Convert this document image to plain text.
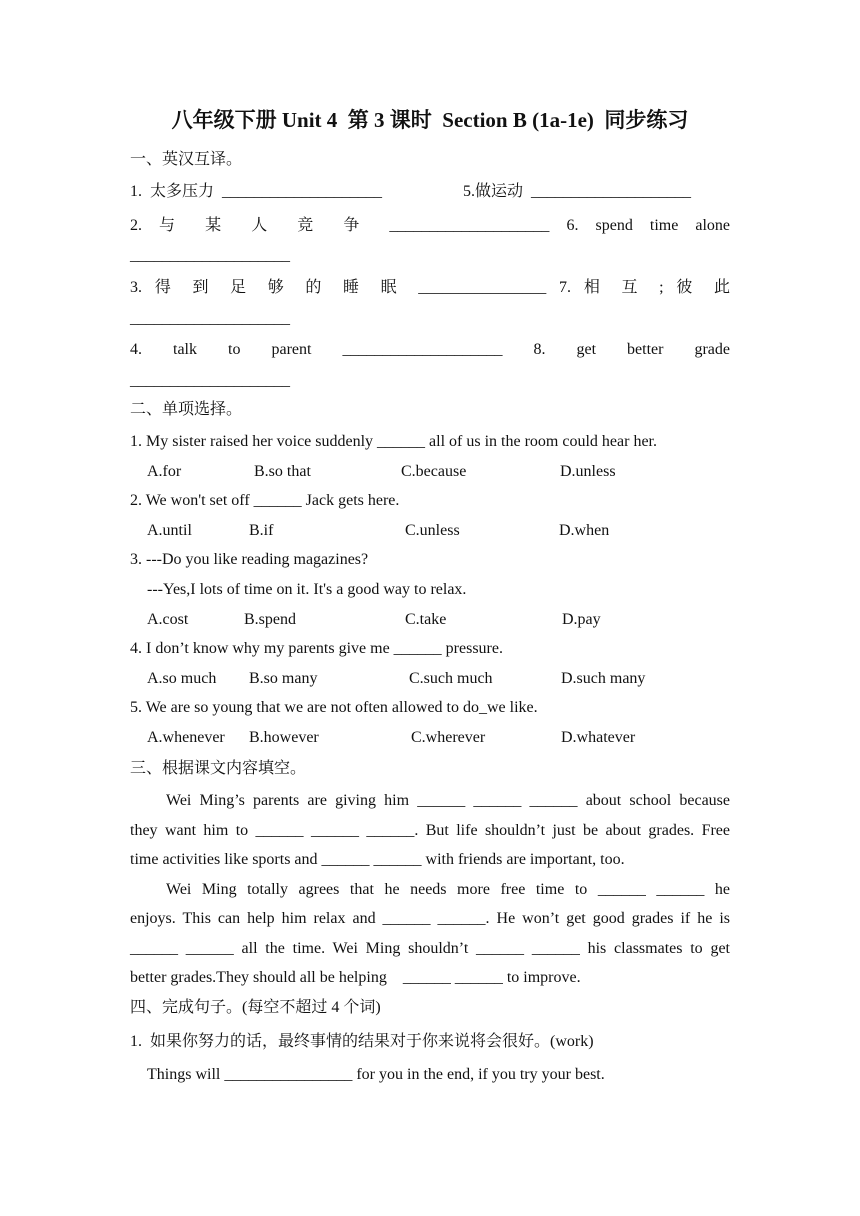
八年级下册 Unit 4  第 3 课时  Section B (1a-1e)  同步练习
一、英汉互译。
1.  太多压力  ____________________	5.做运动  ____________________
2. 与 某 人 竞 争 ____________________ 6. spend time alone
____________________
3. 得 到 足 够 的 睡 眠 ________________ 7. 相 互 ; 彼 此
____________________
4. talk to parent ____________________ 8. get better grade
____________________
二、单项选择。
1. My sister raised her voice suddenly ______ all of us in the room could hear her.
A.for	B.so that	C.because	D.unless
2. We won't set off ______ Jack gets here.
A.until	B.if	C.unless	D.when
3. ---Do you like reading magazines?
---Yes,I lots of time on it. It's a good way to relax.
A.cost	B.spend	C.take	D.pay
4. I don’t know why my parents give me ______ pressure.
A.so much B.so many	C.such much	D.such many
5. We are so young that we are not often allowed to do_we like.
A.whenever B.however	C.wherever	D.whatever
三、根据课文内容填空。
Wei Ming’s parents are giving him ______ ______ ______ about school because
they want him to ______ ______ ______. But life shouldn’t just be about grades. Free
time activities like sports and ______ ______ with friends are important, too.
Wei Ming totally agrees that he needs more free time to ______ ______ he
enjoys. This can help him relax and ______ ______. He won’t get good grades if he is
______ ______ all the time. Wei Ming shouldn’t ______ ______ his classmates to get
better grades.They should all be helping    ______ ______ to improve.
四、完成句子。(每空不超过 4 个词)
1.  如果你努力的话，最终事情的结果对于你来说将会很好。(work)
Things will ________________ for you in the end, if you try your best.
